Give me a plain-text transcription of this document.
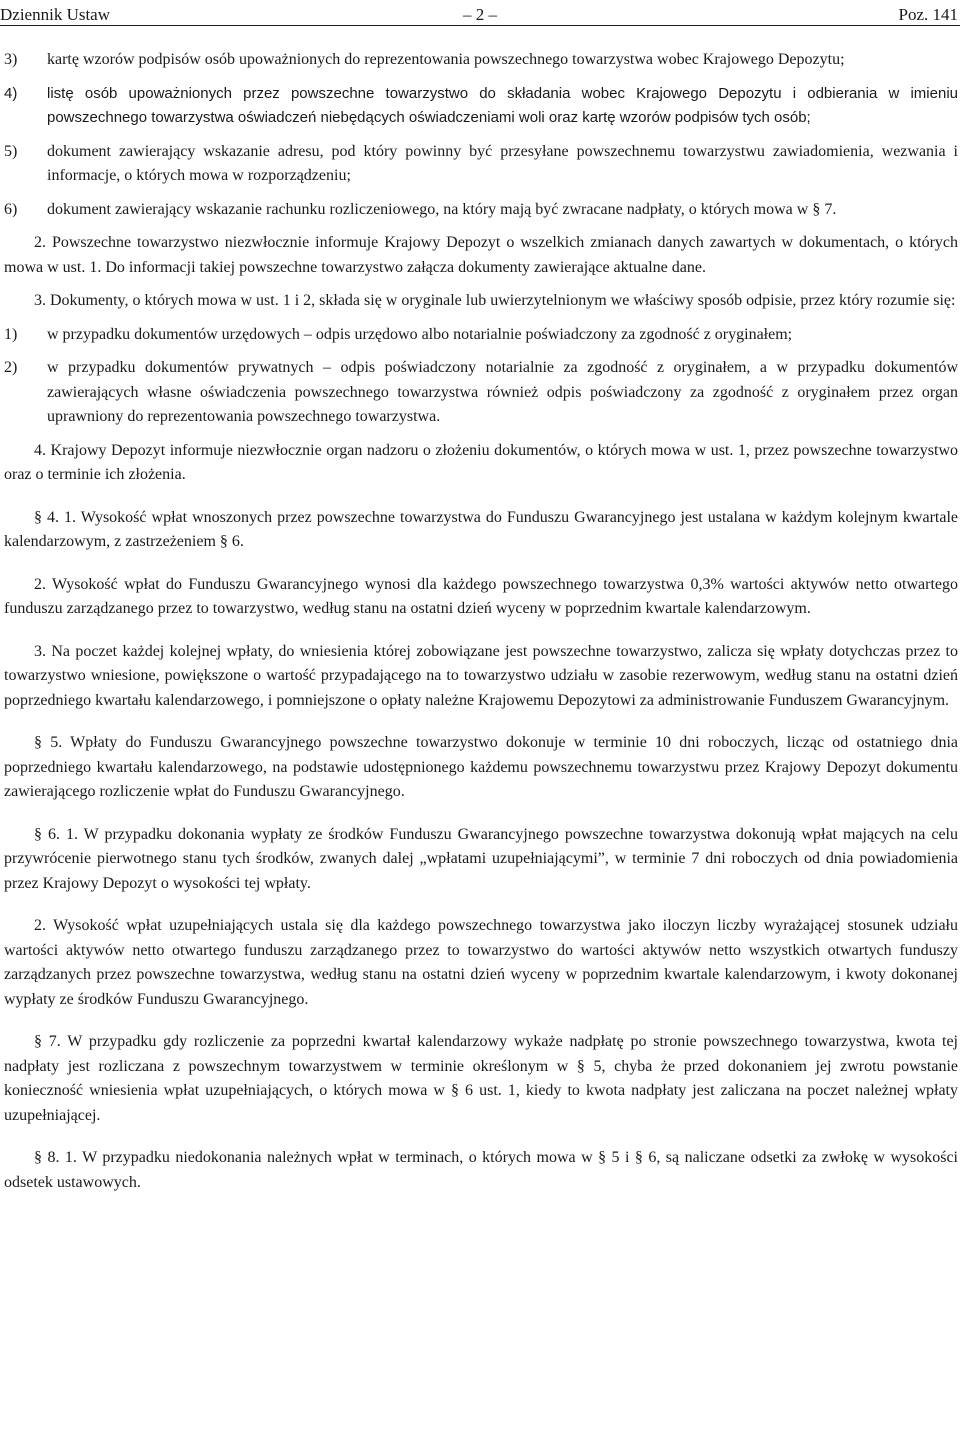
Dziennik Ustaw	– 2 –	Poz. 141
3) kartę wzorów podpisów osób upoważnionych do reprezentowania powszechnego towarzystwa wobec Krajowego Depozytu;
4) listę osób upoważnionych przez powszechne towarzystwo do składania wobec Krajowego Depozytu i odbierania w imieniu powszechnego towarzystwa oświadczeń niebędących oświadczeniami woli oraz kartę wzorów podpisów tych osób;
5) dokument zawierający wskazanie adresu, pod który powinny być przesyłane powszechnemu towarzystwu zawiadomienia, wezwania i informacje, o których mowa w rozporządzeniu;
6) dokument zawierający wskazanie rachunku rozliczeniowego, na który mają być zwracane nadpłaty, o których mowa w § 7.

2. Powszechne towarzystwo niezwłocznie informuje Krajowy Depozyt o wszelkich zmianach danych zawartych w dokumentach, o których mowa w ust. 1. Do informacji takiej powszechne towarzystwo załącza dokumenty zawierające aktualne dane.

3. Dokumenty, o których mowa w ust. 1 i 2, składa się w oryginale lub uwierzytelnionym we właściwy sposób odpisie, przez który rozumie się:

1) w przypadku dokumentów urzędowych – odpis urzędowo albo notarialnie poświadczony za zgodność z oryginałem;
2) w przypadku dokumentów prywatnych – odpis poświadczony notarialnie za zgodność z oryginałem, a w przypadku dokumentów zawierających własne oświadczenia powszechnego towarzystwa również odpis poświadczony za zgodność z oryginałem przez organ uprawniony do reprezentowania powszechnego towarzystwa.

4. Krajowy Depozyt informuje niezwłocznie organ nadzoru o złożeniu dokumentów, o których mowa w ust. 1, przez powszechne towarzystwo oraz o terminie ich złożenia.

§ 4. 1. Wysokość wpłat wnoszonych przez powszechne towarzystwa do Funduszu Gwarancyjnego jest ustalana w każdym kolejnym kwartale kalendarzowym, z zastrzeżeniem § 6.

2. Wysokość wpłat do Funduszu Gwarancyjnego wynosi dla każdego powszechnego towarzystwa 0,3% wartości aktywów netto otwartego funduszu zarządzanego przez to towarzystwo, według stanu na ostatni dzień wyceny w poprzednim kwartale kalendarzowym.

3. Na poczet każdej kolejnej wpłaty, do wniesienia której zobowiązane jest powszechne towarzystwo, zalicza się wpłaty dotychczas przez to towarzystwo wniesione, powiększone o wartość przypadającego na to towarzystwo udziału w zasobie rezerwowym, według stanu na ostatni dzień poprzedniego kwartału kalendarzowego, i pomniejszone o opłaty należne Krajowemu Depozytowi za administrowanie Funduszem Gwarancyjnym.

§ 5. Wpłaty do Funduszu Gwarancyjnego powszechne towarzystwo dokonuje w terminie 10 dni roboczych, licząc od ostatniego dnia poprzedniego kwartału kalendarzowego, na podstawie udostępnionego każdemu powszechnemu towarzystwu przez Krajowy Depozyt dokumentu zawierającego rozliczenie wpłat do Funduszu Gwarancyjnego.

§ 6. 1. W przypadku dokonania wypłaty ze środków Funduszu Gwarancyjnego powszechne towarzystwa dokonują wpłat mających na celu przywrócenie pierwotnego stanu tych środków, zwanych dalej „wpłatami uzupełniającymi”, w terminie 7 dni roboczych od dnia powiadomienia przez Krajowy Depozyt o wysokości tej wpłaty.

2. Wysokość wpłat uzupełniających ustala się dla każdego powszechnego towarzystwa jako iloczyn liczby wyrażającej stosunek udziału wartości aktywów netto otwartego funduszu zarządzanego przez to towarzystwo do wartości aktywów netto wszystkich otwartych funduszy zarządzanych przez powszechne towarzystwa, według stanu na ostatni dzień wyceny w poprzednim kwartale kalendarzowym, i kwoty dokonanej wypłaty ze środków Funduszu Gwarancyjnego.

§ 7. W przypadku gdy rozliczenie za poprzedni kwartał kalendarzowy wykaże nadpłatę po stronie powszechnego towarzystwa, kwota tej nadpłaty jest rozliczana z powszechnym towarzystwem w terminie określonym w § 5, chyba że przed dokonaniem jej zwrotu powstanie konieczność wniesienia wpłat uzupełniających, o których mowa w § 6 ust. 1, kiedy to kwota nadpłaty jest zaliczana na poczet należnej wpłaty uzupełniającej.

§ 8. 1. W przypadku niedokonania należnych wpłat w terminach, o których mowa w § 5 i § 6, są naliczane odsetki za zwłokę w wysokości odsetek ustawowych.
